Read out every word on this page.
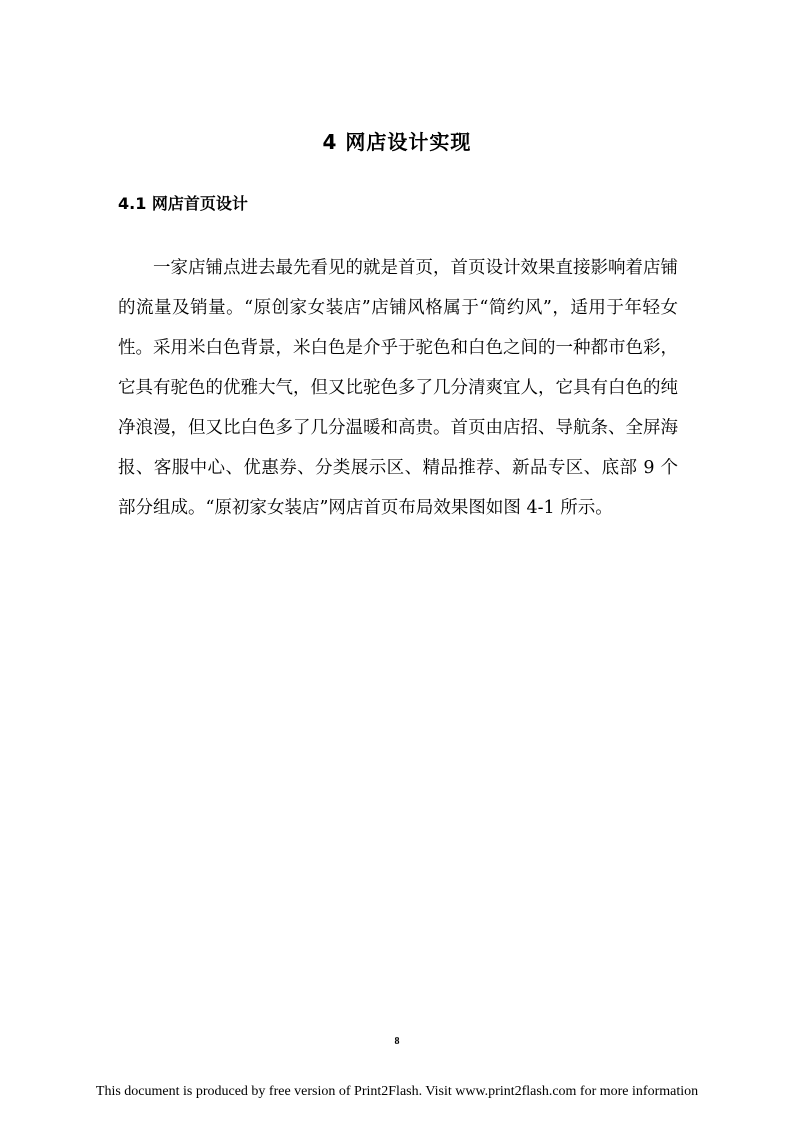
4 网店设计实现
4.1 网店首页设计

一家店铺点进去最先看见的就是首页，首页设计效果直接影响着店铺的流量及销量。“原创家女装店”店铺风格属于“简约风”，适用于年轻女性。采用米白色背景，米白色是介乎于驼色和白色之间的一种都市色彩，它具有驼色的优雅大气，但又比驼色多了几分清爽宜人，它具有白色的纯净浪漫，但又比白色多了几分温暖和高贵。首页由店招、导航条、全屏海报、客服中心、优惠券、分类展示区、精品推荐、新品专区、底部 9 个部分组成。“原初家女装店”网店首页布局效果图如图 4-1 所示。

8
This document is produced by free version of Print2Flash. Visit www.print2flash.com for more information
